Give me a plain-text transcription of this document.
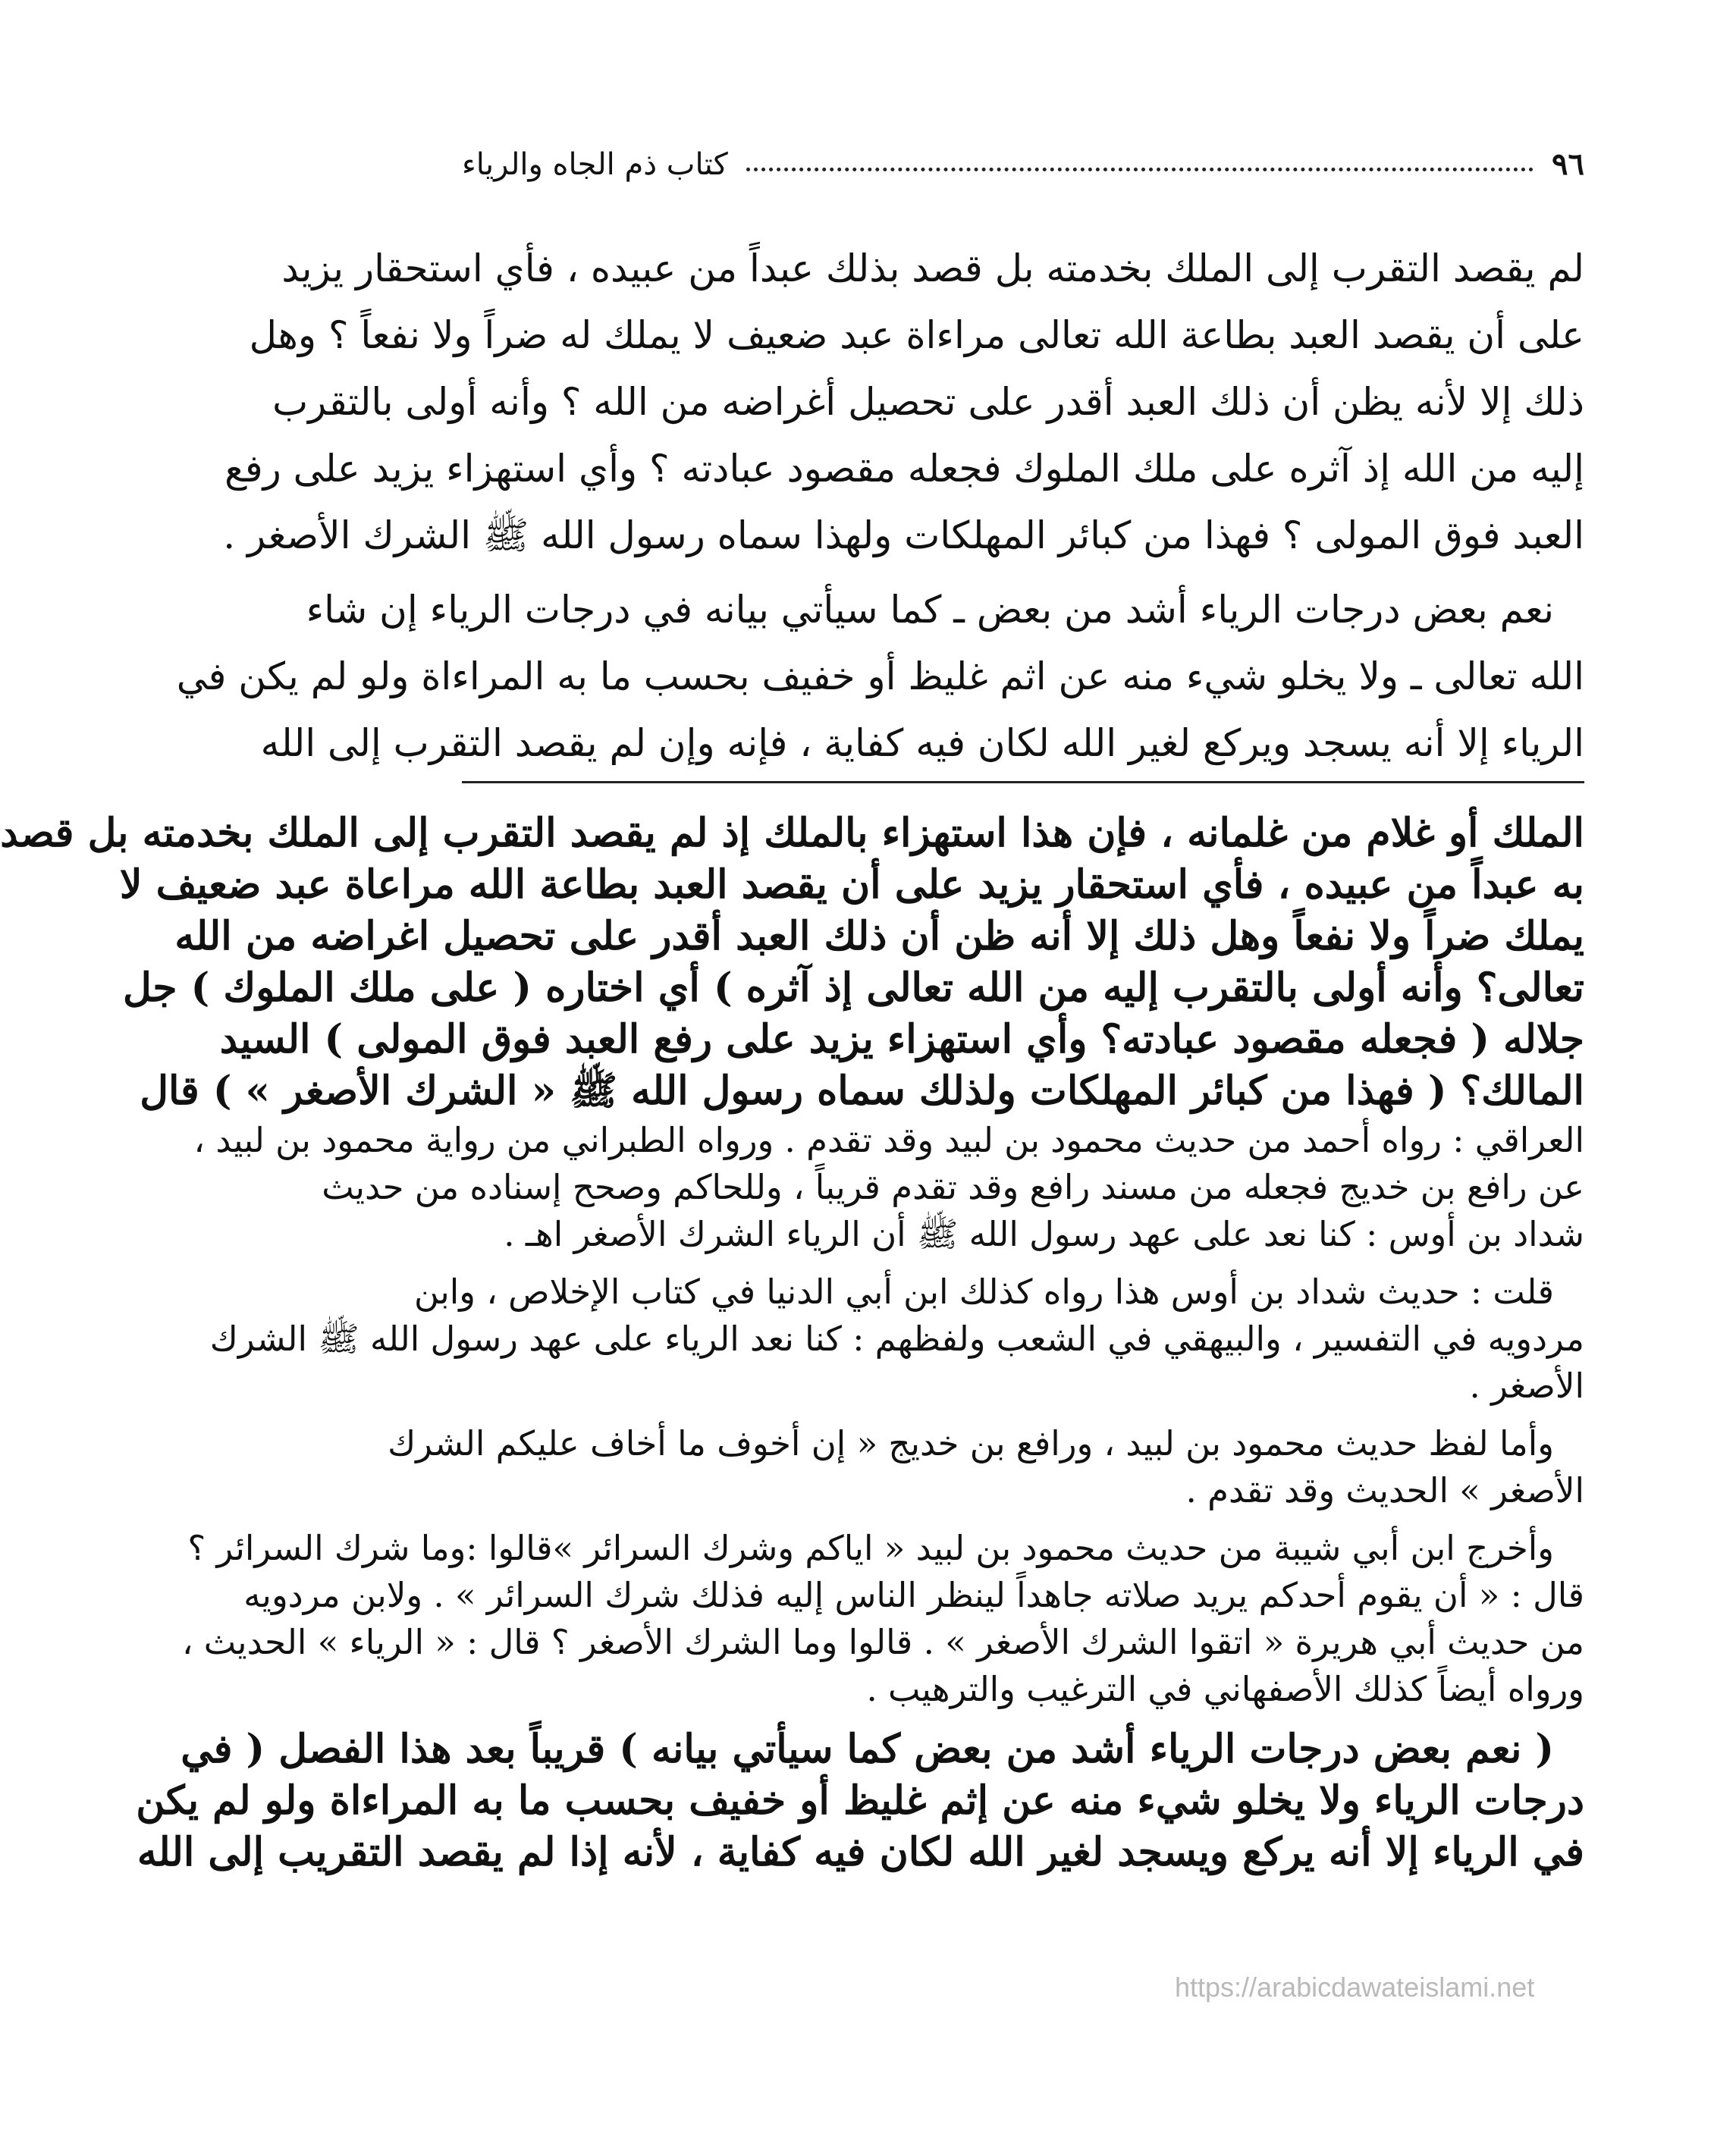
٩٦
كتاب ذم الجاه والرياء

لم يقصد التقرب إلى الملك بخدمته بل قصد بذلك عبداً من عبيده ، فأي استحقار يزيد
على أن يقصد العبد بطاعة الله تعالى مراءاة عبد ضعيف لا يملك له ضراً ولا نفعاً ؟ وهل
ذلك إلا لأنه يظن أن ذلك العبد أقدر على تحصيل أغراضه من الله ؟ وأنه أولى بالتقرب
إليه من الله إذ آثره على ملك الملوك فجعله مقصود عبادته ؟ وأي استهزاء يزيد على رفع
العبد فوق المولى ؟ فهذا من كبائر المهلكات ولهذا سماه رسول الله ﷺ الشرك الأصغر .

نعم بعض درجات الرياء أشد من بعض ـ كما سيأتي بيانه في درجات الرياء إن شاء
الله تعالى ـ ولا يخلو شيء منه عن اثم غليظ أو خفيف بحسب ما به المراءاة ولو لم يكن في
الرياء إلا أنه يسجد ويركع لغير الله لكان فيه كفاية ، فإنه وإن لم يقصد التقرب إلى الله

الملك أو غلام من غلمانه ، فإن هذا استهزاء بالملك إذ لم يقصد التقرب إلى الملك بخدمته بل قصد
به عبداً من عبيده ، فأي استحقار يزيد على أن يقصد العبد بطاعة الله مراعاة عبد ضعيف لا
يملك ضراً ولا نفعاً وهل ذلك إلا أنه ظن أن ذلك العبد أقدر على تحصيل اغراضه من الله
تعالى؟ وأنه أولى بالتقرب إليه من الله تعالى إذ آثره ) أي اختاره ( على ملك الملوك ) جل
جلاله ( فجعله مقصود عبادته؟ وأي استهزاء يزيد على رفع العبد فوق المولى ) السيد
المالك؟ ( فهذا من كبائر المهلكات ولذلك سماه رسول الله ﷺ « الشرك الأصغر » ) قال
العراقي : رواه أحمد من حديث محمود بن لبيد وقد تقدم . ورواه الطبراني من رواية محمود بن لبيد ،
عن رافع بن خديج فجعله من مسند رافع وقد تقدم قريباً ، وللحاكم وصحح إسناده من حديث
شداد بن أوس : كنا نعد على عهد رسول الله ﷺ أن الرياء الشرك الأصغر اهـ .

قلت : حديث شداد بن أوس هذا رواه كذلك ابن أبي الدنيا في كتاب الإخلاص ، وابن
مردويه في التفسير ، والبيهقي في الشعب ولفظهم : كنا نعد الرياء على عهد رسول الله ﷺ الشرك
الأصغر .

وأما لفظ حديث محمود بن لبيد ، ورافع بن خديج « إن أخوف ما أخاف عليكم الشرك
الأصغر » الحديث وقد تقدم .

وأخرج ابن أبي شيبة من حديث محمود بن لبيد « اياكم وشرك السرائر »قالوا :وما شرك السرائر ؟
قال : « أن يقوم أحدكم يريد صلاته جاهداً لينظر الناس إليه فذلك شرك السرائر » . ولابن مردويه
من حديث أبي هريرة « اتقوا الشرك الأصغر » . قالوا وما الشرك الأصغر ؟ قال : « الرياء » الحديث ،
ورواه أيضاً كذلك الأصفهاني في الترغيب والترهيب .

( نعم بعض درجات الرياء أشد من بعض كما سيأتي بيانه ) قريباً بعد هذا الفصل ( في
درجات الرياء ولا يخلو شيء منه عن إثم غليظ أو خفيف بحسب ما به المراءاة ولو لم يكن
في الرياء إلا أنه يركع ويسجد لغير الله لكان فيه كفاية ، لأنه إذا لم يقصد التقريب إلى الله

https://arabicdawateislami.net
